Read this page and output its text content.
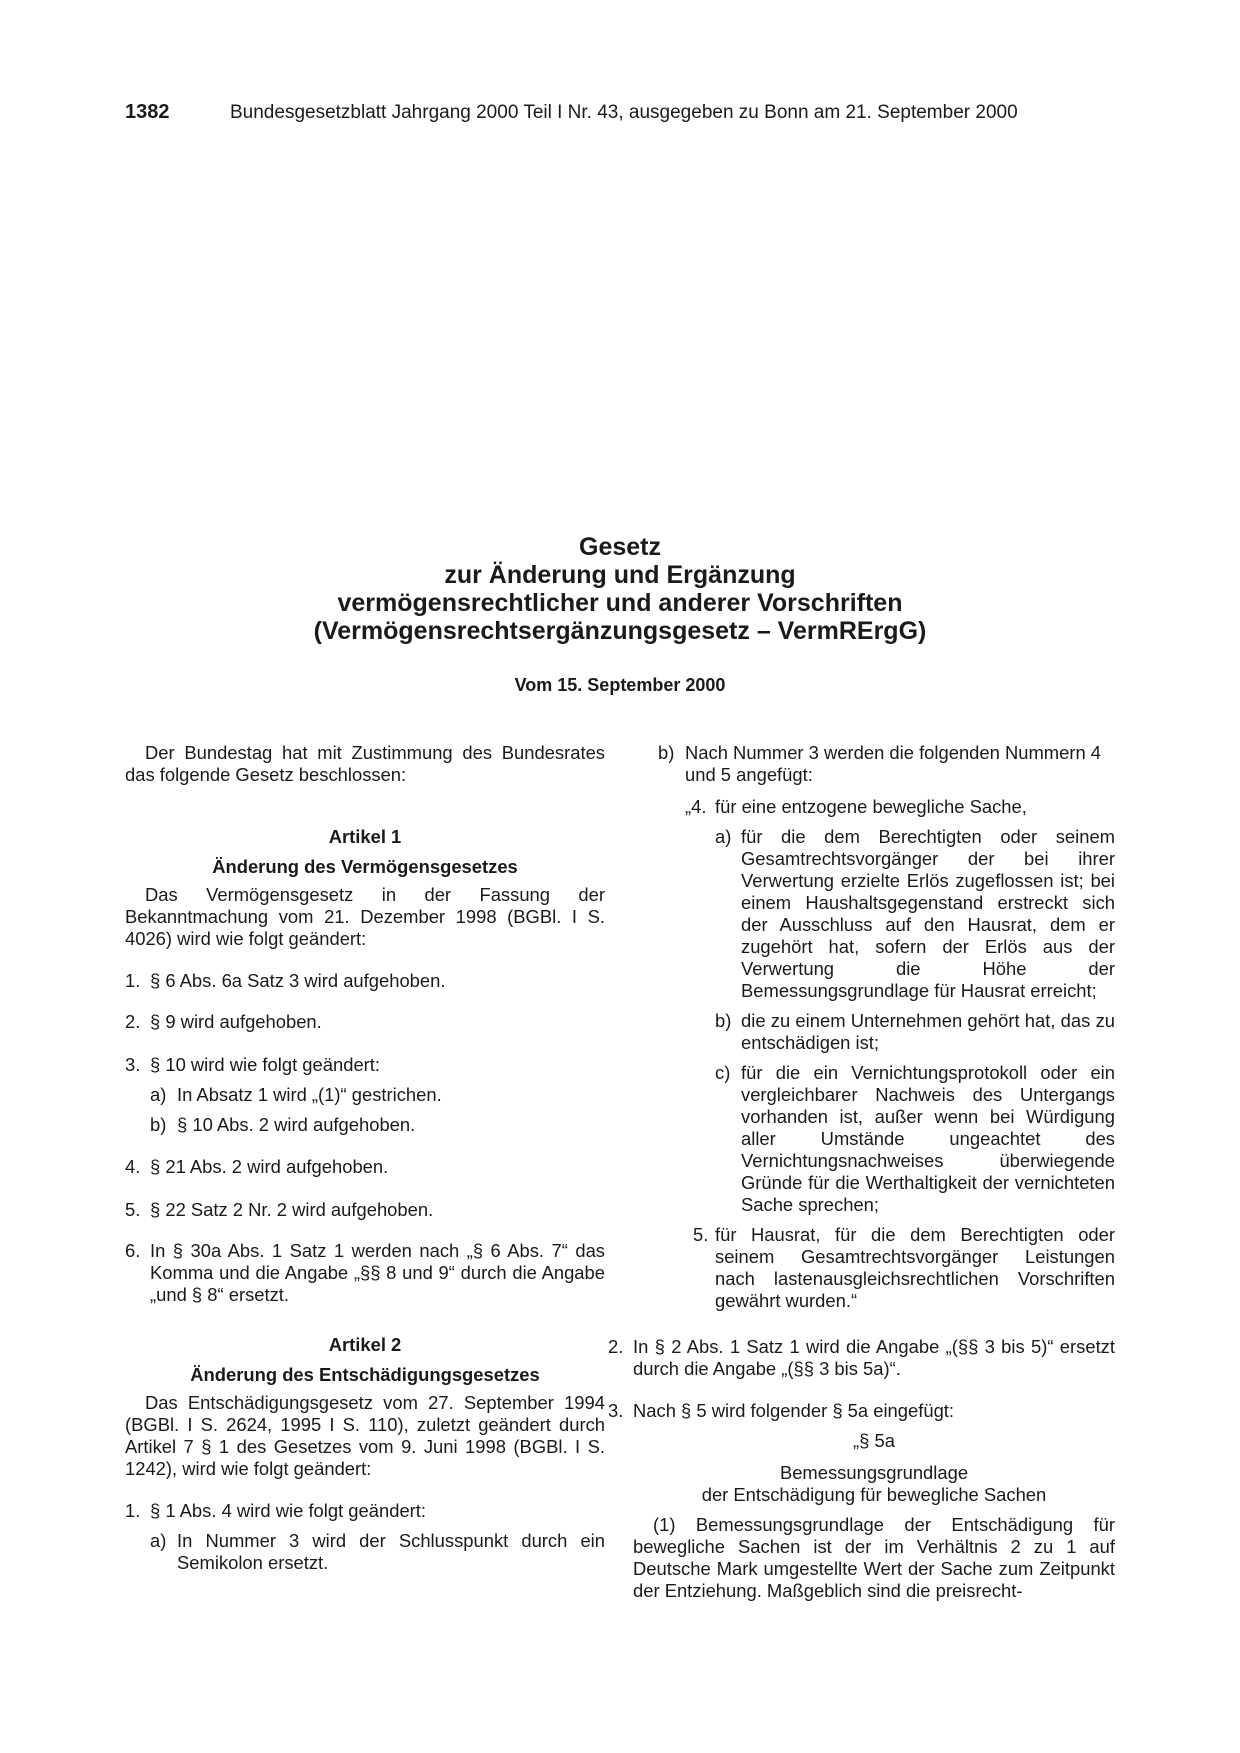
1382	Bundesgesetzblatt Jahrgang 2000 Teil I Nr. 43, ausgegeben zu Bonn am 21. September 2000
Gesetz
zur Änderung und Ergänzung
vermögensrechtlicher und anderer Vorschriften
(Vermögensrechtsergänzungsgesetz – VermRErgG)
Vom 15. September 2000

Der Bundestag hat mit Zustimmung des Bundesrates das folgende Gesetz beschlossen:

Artikel 1

Änderung des Vermögensgesetzes

Das Vermögensgesetz in der Fassung der Bekanntmachung vom 21. Dezember 1998 (BGBl. I S. 4026) wird wie folgt geändert:

1. § 6 Abs. 6a Satz 3 wird aufgehoben.

2. § 9 wird aufgehoben.

3. § 10 wird wie folgt geändert:

a) In Absatz 1 wird „(1)“ gestrichen.

b) § 10 Abs. 2 wird aufgehoben.

4. § 21 Abs. 2 wird aufgehoben.

5. § 22 Satz 2 Nr. 2 wird aufgehoben.

6. In § 30a Abs. 1 Satz 1 werden nach „§ 6 Abs. 7“ das Komma und die Angabe „§§ 8 und 9“ durch die Angabe „und § 8“ ersetzt.

Artikel 2

Änderung des Entschädigungsgesetzes

Das Entschädigungsgesetz vom 27. September 1994 (BGBl. I S. 2624, 1995 I S. 110), zuletzt geändert durch Artikel 7 § 1 des Gesetzes vom 9. Juni 1998 (BGBl. I S. 1242), wird wie folgt geändert:

1. § 1 Abs. 4 wird wie folgt geändert:

a) In Nummer 3 wird der Schlusspunkt durch ein Semikolon ersetzt.

b) Nach Nummer 3 werden die folgenden Nummern 4 und 5 angefügt:

„4. für eine entzogene bewegliche Sache,

a) für die dem Berechtigten oder seinem Gesamtrechtsvorgänger der bei ihrer Verwertung erzielte Erlös zugeflossen ist; bei einem Haushaltsgegenstand erstreckt sich der Ausschluss auf den Hausrat, dem er zugehört hat, sofern der Erlös aus der Verwertung die Höhe der Bemessungsgrundlage für Hausrat erreicht;

b) die zu einem Unternehmen gehört hat, das zu entschädigen ist;

c) für die ein Vernichtungsprotokoll oder ein vergleichbarer Nachweis des Untergangs vorhanden ist, außer wenn bei Würdigung aller Umstände ungeachtet des Vernichtungsnachweises überwiegende Gründe für die Werthaltigkeit der vernichteten Sache sprechen;

5. für Hausrat, für die dem Berechtigten oder seinem Gesamtrechtsvorgänger Leistungen nach lastenausgleichsrechtlichen Vorschriften gewährt wurden.“

2. In § 2 Abs. 1 Satz 1 wird die Angabe „(§§ 3 bis 5)“ ersetzt durch die Angabe „(§§ 3 bis 5a)“.

3. Nach § 5 wird folgender § 5a eingefügt:

„§ 5a

Bemessungsgrundlage

der Entschädigung für bewegliche Sachen

(1) Bemessungsgrundlage der Entschädigung für bewegliche Sachen ist der im Verhältnis 2 zu 1 auf Deutsche Mark umgestellte Wert der Sache zum Zeitpunkt der Entziehung. Maßgeblich sind die preisrecht-
